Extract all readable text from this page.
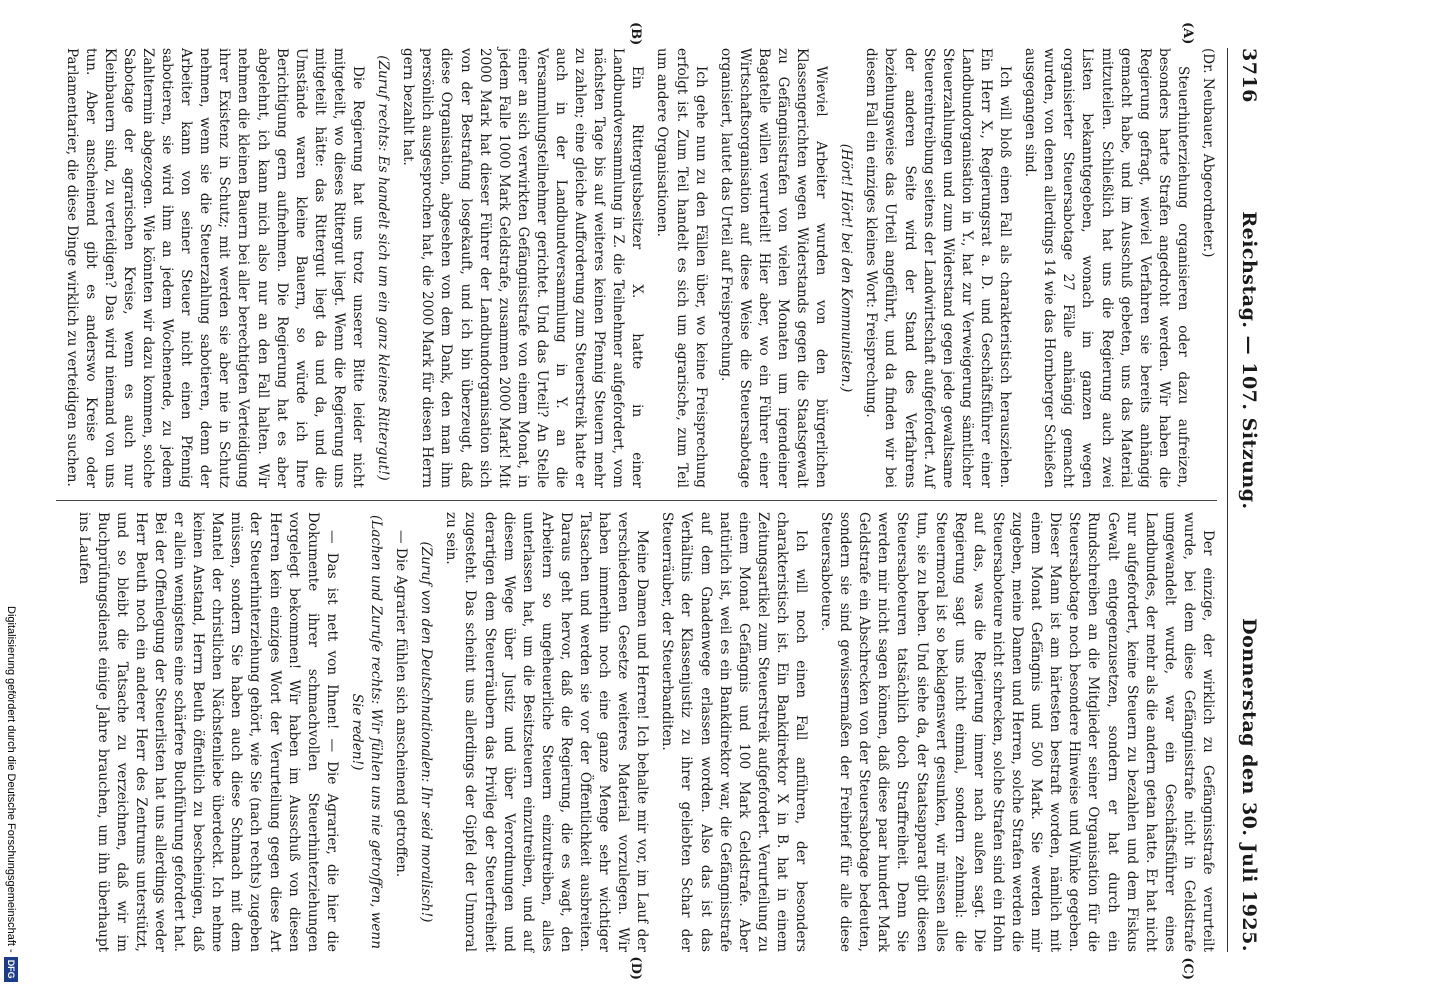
3716
Reichstag. — 107. Sitzung.
Donnerstag den 30. Juli 1925.
(A)
(B)
(C)
(D)

(Dr. Neubauer, Abgeordneter.)

Steuerhinterziehung organisieren oder dazu aufreizen, besonders harte Strafen angedroht werden. Wir haben die Regierung gefragt, wieviel Verfahren sie bereits anhängig gemacht habe, und im Ausschuß gebeten, uns das Material mitzuteilen. Schließlich hat uns die Regierung auch zwei Listen bekanntgegeben, wonach im ganzen wegen organisierter Steuersabotage 27 Fälle anhängig gemacht wurden, von denen allerdings 14 wie das Hornberger Schießen ausgegangen sind.

Ich will bloß einen Fall als charakteristisch herausziehen. Ein Herr X., Regierungsrat a. D. und Geschäftsführer einer Landbundorganisation in Y., hat zur Verweigerung sämtlicher Steuerzahlungen und zum Widerstand gegen jede gewaltsame Steuereintreibung seitens der Landwirtschaft aufgefordert. Auf der anderen Seite wird der Stand des Verfahrens beziehungsweise das Urteil angeführt, und da finden wir bei diesem Fall ein einziges kleines Wort: Freisprechung.

(Hört! Hört! bei den Kommunisten.)

Wieviel Arbeiter wurden von den bürgerlichen Klassengerichten wegen Widerstands gegen die Staatsgewalt zu Gefängnisstrafen von vielen Monaten um irgendeiner Bagatelle willen verurteilt! Hier aber, wo ein Führer einer Wirtschaftsorganisation auf diese Weise die Steuersabotage organisiert, lautet das Urteil auf Freisprechung.

Ich gehe nun zu den Fällen über, wo keine Freisprechung erfolgt ist. Zum Teil handelt es sich um agrarische, zum Teil um andere Organisationen.

Ein Rittergutsbesitzer X. hatte in einer Landbundversammlung in Z. die Teilnehmer aufgefordert, vom nächsten Tage bis auf weiteres keinen Pfennig Steuern mehr zu zahlen; eine gleiche Aufforderung zum Steuerstreik hatte er auch in der Landbundversammlung in Y. an die Versammlungsteilnehmer gerichtet. Und das Urteil? An Stelle einer an sich verwirkten Gefängnisstrafe von einem Monat, in jedem Falle 1000 Mark Geldstrafe, zusammen 2000 Mark! Mit 2000 Mark hat dieser Führer der Landbundorganisation sich von der Bestrafung losgekauft, und ich bin überzeugt, daß diese Organisation, abgesehen von dem Dank, den man ihm persönlich ausgesprochen hat, die 2000 Mark für diesen Herrn gern bezahlt hat.

(Zuruf rechts: Es handelt sich um ein ganz kleines Rittergut!)

Die Regierung hat uns trotz unserer Bitte leider nicht mitgeteilt, wo dieses Rittergut liegt. Wenn die Regierung uns mitgeteilt hätte: das Rittergut liegt da und da, und die Umstände waren kleine Bauern, so würde ich Ihre Berichtigung gern aufnehmen. Die Regierung hat es aber abgelehnt, ich kann mich also nur an den Fall halten. Wir nehmen die kleinen Bauern bei aller berechtigten Verteidigung ihrer Existenz in Schutz; mit werden sie aber nie in Schutz nehmen, wenn sie die Steuerzahlung sabotieren, denn der Arbeiter kann von seiner Steuer nicht einen Pfennig sabotieren, sie wird ihm an jedem Wochenende, zu jedem Zahltermin abgezogen. Wie könnten wir dazu kommen, solche Sabotage der agrarischen Kreise, wenn es auch nur Kleinbauern sind, zu verteidigen? Das wird niemand von uns tun. Aber anscheinend gibt es anderswo Kreise oder Parlamentarier, die diese Dinge wirklich zu verteidigen suchen.

Der einzige, der wirklich zu Gefängnisstrafe verurteilt wurde, bei dem diese Gefängnisstrafe nicht in Geldstrafe umgewandelt wurde, war ein Geschäftsführer eines Landbundes, der mehr als die andern getan hatte. Er hat nicht nur aufgefordert, keine Steuern zu bezahlen und dem Fiskus Gewalt entgegenzusetzen, sondern er hat durch ein Rundschreiben an die Mitglieder seiner Organisation für die Steuersabotage noch besondere Hinweise und Winke gegeben. Dieser Mann ist am härtesten bestraft worden, nämlich mit einem Monat Gefängnis und 500 Mark. Sie werden mir zugeben, meine Damen und Herren, solche Strafen werden die Steuersaboteure nicht schrecken, solche Strafen sind ein Hohn auf das, was die Regierung immer nach außen sagt. Die Regierung sagt uns nicht einmal, sondern zehnmal: die Steuermoral ist so beklagenswert gesunken, wir müssen alles tun, sie zu heben. Und siehe da, der Staatsapparat gibt diesen Steuersaboteuren tatsächlich doch Straffreiheit. Denn Sie werden mir nicht sagen können, daß diese paar hundert Mark Geldstrafe ein Abschrecken von der Steuersabotage bedeuten, sondern sie sind gewissermaßen der Freibrief für alle diese Steuersaboteure.

Ich will noch einen Fall anführen, der besonders charakteristisch ist. Ein Bankdirektor X in B. hat in einem Zeitungsartikel zum Steuerstreik aufgefordert. Verurteilung zu einem Monat Gefängnis und 100 Mark Geldstrafe. Aber natürlich ist, weil es ein Bankdirektor war, die Gefängnisstrafe auf dem Gnadenwege erlassen worden. Also das ist das Verhältnis der Klassenjustiz zu ihrer geliebten Schar der Steuerräuber, der Steuerbanditen.

Meine Damen und Herren! Ich behalte mir vor, im Lauf der verschiedenen Gesetze weiteres Material vorzulegen. Wir haben immerhin noch eine ganze Menge sehr wichtiger Tatsachen und werden sie vor der Öffentlichkeit ausbreiten. Daraus geht hervor, daß die Regierung, die es wagt, den Arbeitern so ungeheuerliche Steuern einzutreiben, alles unterlassen hat, um die Besitzsteuern einzutreiben, und auf diesem Wege über Justiz und über Verordnungen und derartigen dem Steuerräubern das Privileg der Steuerfreiheit zugesteht. Das scheint uns allerdings der Gipfel der Unmoral zu sein.

(Zuruf von den Deutschnationalen: Ihr seid moralisch!)

— Die Agrarier fühlen sich anscheinend getroffen.

(Lachen und Zurufe rechts: Wir fühlen uns nie getroffen, wenn Sie reden!)

— Das ist nett von Ihnen! — Die Agrarier, die hier die Dokumente ihrer schmachvollen Steuerhinterziehungen vorgelegt bekommen! Wir haben im Ausschuß von diesen Herren kein einziges Wort der Verurteilung gegen diese Art der Steuerhinterziehung gehört, wie Sie (nach rechts) zugeben müssen, sondern Sie haben auch diese Schmach mit dem Mantel der christlichen Nächstenliebe überdeckt. Ich nehme keinen Anstand, Herrn Beuth öffentlich zu bescheinigen, daß er allein wenigstens eine schärfere Buchführung gefordert hat. Bei der Offenlegung der Steuerlisten hat uns allerdings weder Herr Beuth noch ein anderer Herr des Zentrums unterstützt, und so bleibt die Tatsache zu verzeichnen, daß wir im Buchprüfungsdienst einige Jahre brauchen, um ihn überhaupt ins Laufen

Digitalisierung gefördert durch die Deutsche Forschungsgemeinschaft -
DFG
